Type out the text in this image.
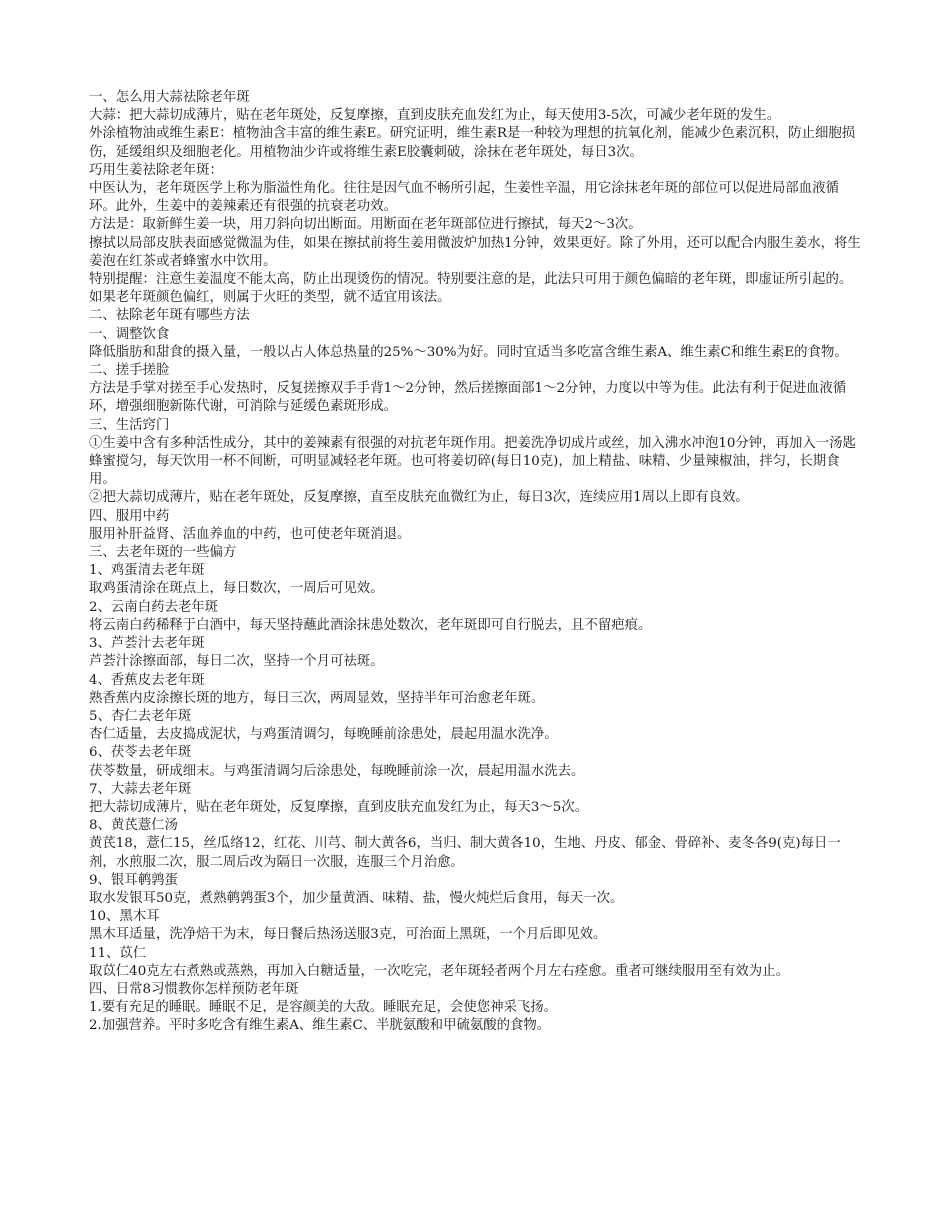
一、怎么用大蒜祛除老年斑

大蒜：把大蒜切成薄片，贴在老年斑处，反复摩擦，直到皮肤充血发红为止，每天使用3-5次，可减少老年斑的发生。

外涂植物油或维生素E：植物油含丰富的维生素E。研究证明，维生素R是一种较为理想的抗氧化剂，能减少色素沉积，防止细胞损伤，延缓组织及细胞老化。用植物油少许或将维生素E胶囊刺破，涂抹在老年斑处，每日3次。

巧用生姜祛除老年斑：

中医认为，老年斑医学上称为脂溢性角化。往往是因气血不畅所引起，生姜性辛温，用它涂抹老年斑的部位可以促进局部血液循环。此外，生姜中的姜辣素还有很强的抗衰老功效。

方法是：取新鲜生姜一块，用刀斜向切出断面。用断面在老年斑部位进行擦拭，每天2～3次。

擦拭以局部皮肤表面感觉微温为佳，如果在擦拭前将生姜用微波炉加热1分钟，效果更好。除了外用，还可以配合内服生姜水，将生姜泡在红茶或者蜂蜜水中饮用。

特别提醒：注意生姜温度不能太高，防止出现烫伤的情况。特别要注意的是，此法只可用于颜色偏暗的老年斑，即虚证所引起的。如果老年斑颜色偏红，则属于火旺的类型，就不适宜用该法。

二、祛除老年斑有哪些方法

一、调整饮食

降低脂肪和甜食的摄入量，一般以占人体总热量的25%～30%为好。同时宜适当多吃富含维生素A、维生素C和维生素E的食物。

二、搓手搓脸

方法是手掌对搓至手心发热时，反复搓擦双手手背1～2分钟，然后搓擦面部1～2分钟，力度以中等为佳。此法有利于促进血液循环，增强细胞新陈代谢，可消除与延缓色素斑形成。

三、生活窍门

①生姜中含有多种活性成分，其中的姜辣素有很强的对抗老年斑作用。把姜洗净切成片或丝，加入沸水冲泡10分钟，再加入一汤匙蜂蜜搅匀，每天饮用一杯不间断，可明显减轻老年斑。也可将姜切碎(每日10克)，加上精盐、味精、少量辣椒油，拌匀，长期食用。

②把大蒜切成薄片，贴在老年斑处，反复摩擦，直至皮肤充血微红为止，每日3次，连续应用1周以上即有良效。

四、服用中药

服用补肝益肾、活血养血的中药，也可使老年斑消退。

三、去老年斑的一些偏方

1、鸡蛋清去老年斑

取鸡蛋清涂在斑点上，每日数次，一周后可见效。

2、云南白药去老年斑

将云南白药稀释于白酒中，每天坚持蘸此酒涂抹患处数次，老年斑即可自行脱去，且不留疤痕。

3、芦荟汁去老年斑

芦荟汁涂擦面部，每日二次，坚持一个月可祛斑。

4、香蕉皮去老年斑

熟香蕉内皮涂擦长斑的地方，每日三次，两周显效，坚持半年可治愈老年斑。

5、杏仁去老年斑

杏仁适量，去皮捣成泥状，与鸡蛋清调匀，每晚睡前涂患处，晨起用温水洗净。

6、茯苓去老年斑

茯苓数量，研成细末。与鸡蛋清调匀后涂患处，每晚睡前涂一次，晨起用温水洗去。

7、大蒜去老年斑

把大蒜切成薄片，贴在老年斑处，反复摩擦，直到皮肤充血发红为止，每天3～5次。

8、黄芪薏仁汤

黄芪18，薏仁15，丝瓜络12，红花、川芎、制大黄各6，当归、制大黄各10，生地、丹皮、郁金、骨碎补、麦冬各9(克)每日一剂，水煎服二次，服二周后改为隔日一次服，连服三个月治愈。

9、银耳鹌鹑蛋

取水发银耳50克，煮熟鹌鹑蛋3个，加少量黄酒、味精、盐，慢火炖烂后食用，每天一次。

10、黑木耳

黑木耳适量，洗净焙干为末，每日餐后热汤送服3克，可治面上黑斑，一个月后即见效。

11、苡仁

取苡仁40克左右煮熟或蒸熟，再加入白糖适量，一次吃完，老年斑轻者两个月左右痊愈。重者可继续服用至有效为止。

四、日常8习惯教你怎样预防老年斑

1.要有充足的睡眠。睡眠不足，是容颜美的大敌。睡眠充足，会使您神采飞扬。

2.加强营养。平时多吃含有维生素A、维生素C、半胱氨酸和甲硫氨酸的食物。
